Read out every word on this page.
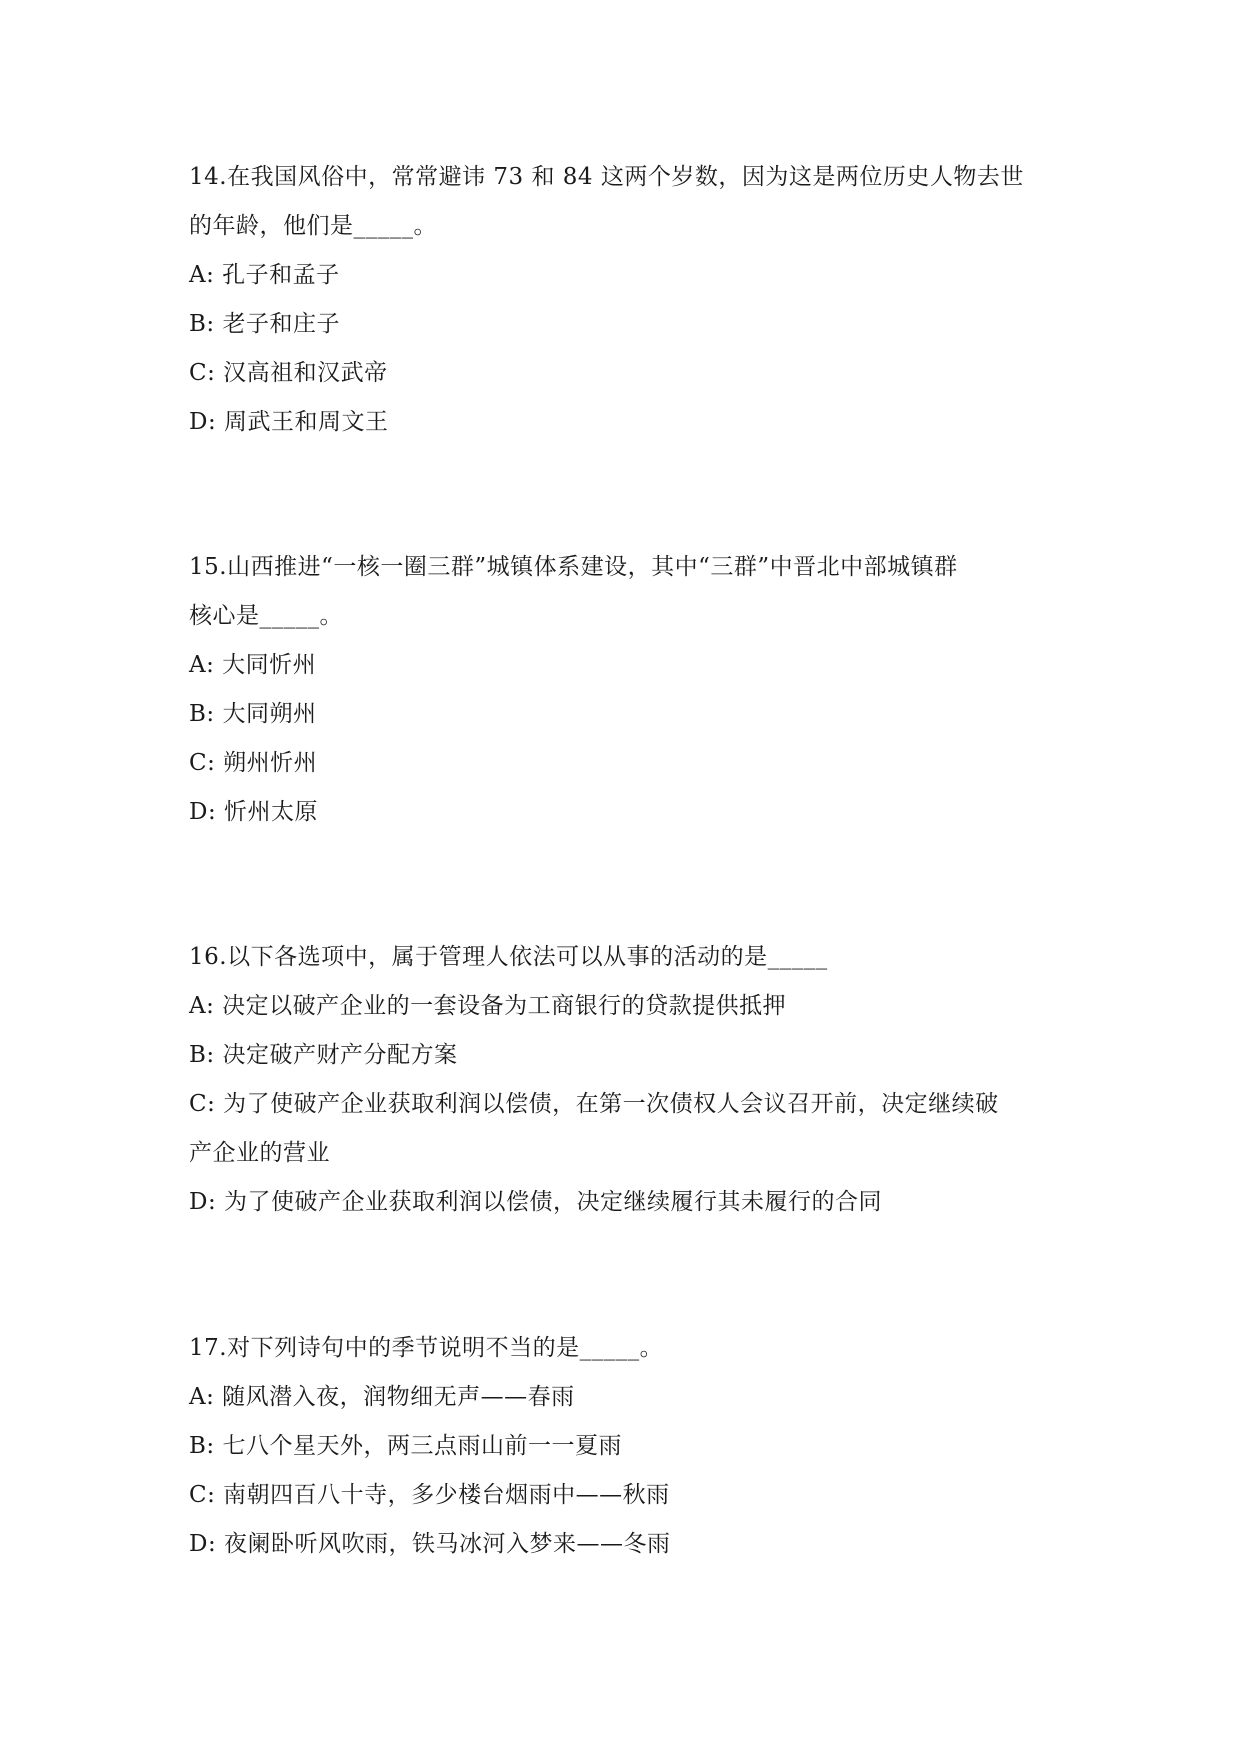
14.在我国风俗中，常常避讳 73 和 84 这两个岁数，因为这是两位历史人物去世
的年龄，他们是_____。
A: 孔子和孟子
B: 老子和庄子
C: 汉高祖和汉武帝
D: 周武王和周文王
15.山西推进“一核一圈三群”城镇体系建设，其中“三群”中晋北中部城镇群
核心是_____。
A: 大同忻州
B: 大同朔州
C: 朔州忻州
D: 忻州太原
16.以下各选项中，属于管理人依法可以从事的活动的是_____
A: 决定以破产企业的一套设备为工商银行的贷款提供抵押
B: 决定破产财产分配方案
C: 为了使破产企业获取利润以偿债，在第一次债权人会议召开前，决定继续破
产企业的营业
D: 为了使破产企业获取利润以偿债，决定继续履行其未履行的合同
17.对下列诗句中的季节说明不当的是_____。
A: 随风潜入夜，润物细无声——春雨
B: 七八个星天外，两三点雨山前一一夏雨
C: 南朝四百八十寺，多少楼台烟雨中——秋雨
D: 夜阑卧听风吹雨，铁马冰河入梦来——冬雨
